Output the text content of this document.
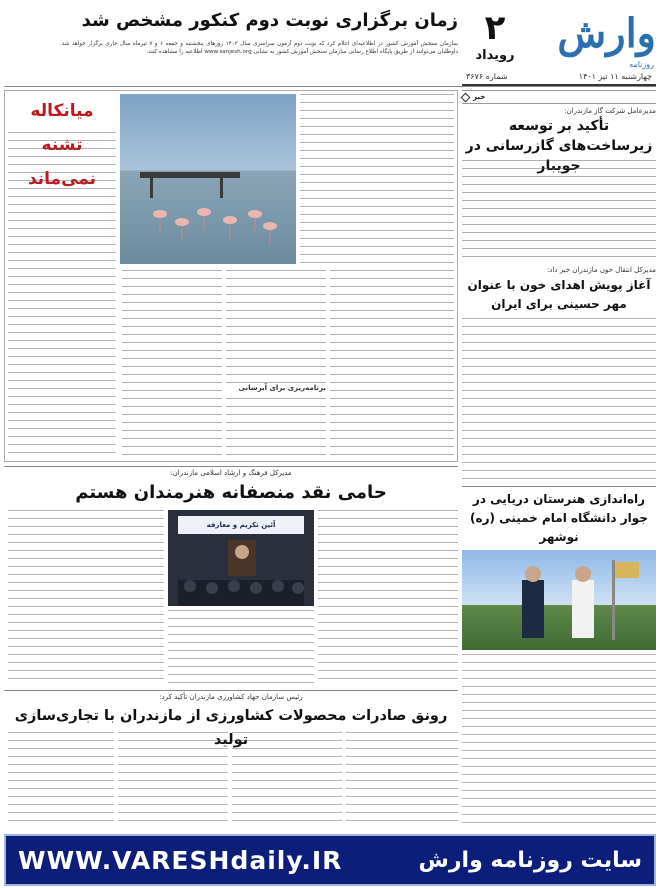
وارش
روزنامه
۲
رویداد
چهارشنبه ۱۱ تیر ۱۴۰۱
شماره ۳۶۷۶
زمان برگزاری نوبت دوم کنکور مشخص شد
سازمان سنجش آموزش کشور در اطلاعیه‌ای اعلام کرد که نوبت دوم آزمون سراسری سال ۱۴۰۲ روزهای پنجشنبه و جمعه ۶ و ۷ تیرماه سال جاری برگزار خواهد شد. داوطلبان می‌توانند از طریق پایگاه اطلاع رسانی سازمان سنجش آموزش کشور به نشانی www.sanjesh.org اطلاعیه را مشاهده کنند.
خبر
مدیرعامل شرکت گاز مازندران:
تأکید بر توسعه زیرساخت‌های گازرسانی در جویبار
مدیرکل انتقال خون مازندران خبر داد:
آغاز پویش اهدای خون با عنوان مهر حسینی برای ایران
راه‌اندازی هنرستان دریایی در جوار دانشگاه امام خمینی (ره) نوشهر
میانکاله تشنه نمی‌ماند
برنامه‌ریزی برای آبرسانی
مدیرکل فرهنگ و ارشاد اسلامی مازندران:
حامی نقد منصفانه هنرمندان هستم
آئین تکریم و معارفه
رئیس سازمان جهاد کشاورزی مازندران تأکید کرد:
رونق صادرات محصولات کشاورزی از مازندران با تجاری‌سازی تولید
سایت روزنامه وارش
WWW.VARESHdaily.IR
